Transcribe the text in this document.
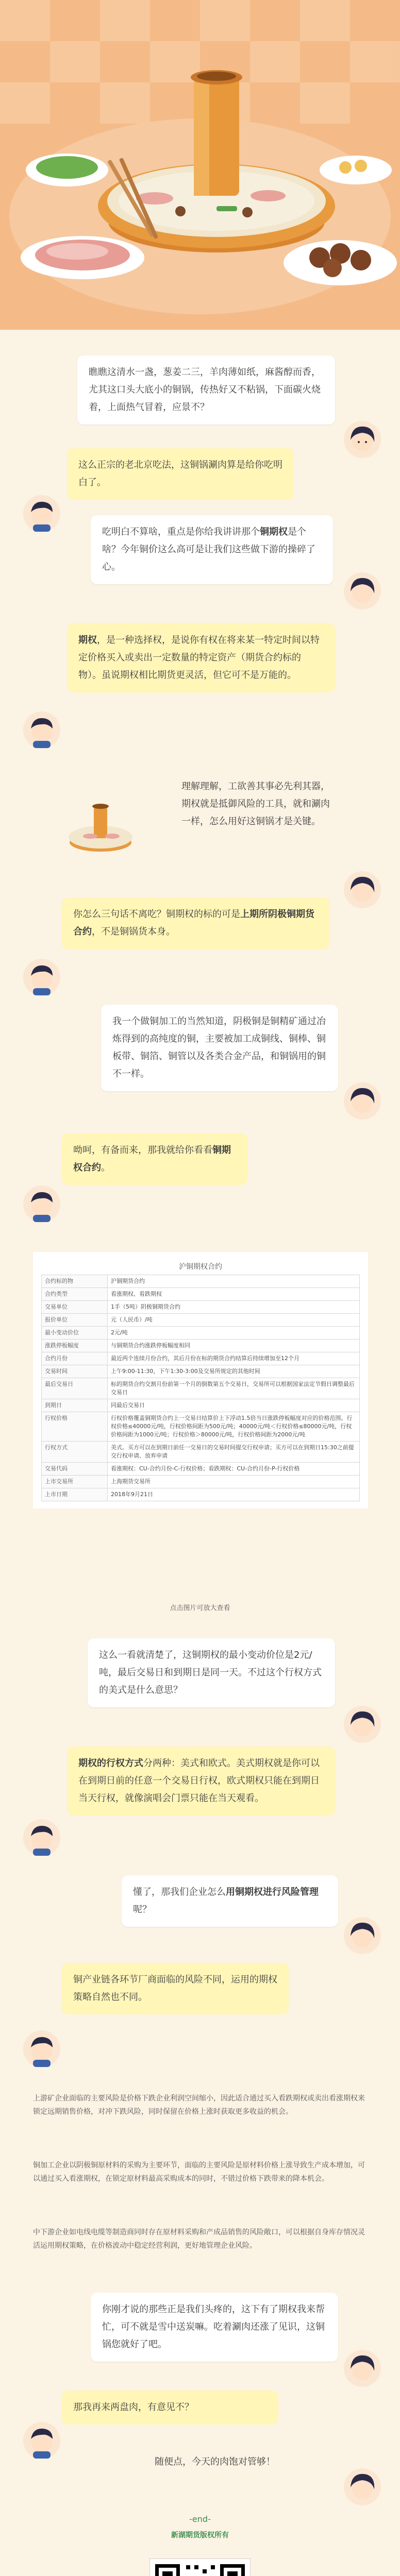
瞧瞧这清水一盏，葱姜二三，羊肉薄如纸，麻酱醇而香，尤其这口头大底小的铜锅，传热好又不粘锅，下面碳火烧着，上面热气冒着，应景不？
这么正宗的老北京吃法，这铜锅涮肉算是给你吃明白了。
吃明白不算啥，重点是你给我讲讲那个铜期权是个啥？今年铜价这么高可是让我们这些做下游的操碎了心。
期权，是一种选择权，是说你有权在将来某一特定时间以特定价格买入或卖出一定数量的特定资产（期货合约标的物）。虽说期权相比期货更灵活，但它可不是万能的。
理解理解，工欲善其事必先利其器，期权就是抵御风险的工具，就和涮肉一样，怎么用好这铜锅才是关键。
你怎么三句话不离吃？铜期权的标的可是上期所阴极铜期货合约，不是铜锅货本身。
我一个做铜加工的当然知道，阴极铜是铜精矿通过冶炼得到的高纯度的铜，主要被加工成铜线、铜棒、铜板带、铜箔、铜管以及各类合金产品，和铜锅用的铜不一样。
呦呵，有备而来，那我就给你看看铜期权合约。
沪铜期权合约
合约标的物	沪铜期货合约
合约类型	看涨期权、看跌期权
交易单位	1手（5吨）阴极铜期货合约
报价单位	元（人民币）/吨
最小变动价位	2元/吨
涨跌停板幅度	与铜期货合约涨跌停板幅度相同
合约月份	最近两个连续月份合约，其后月份在标的期货合约结算后持续增加至12个月
交易时间	上午9:00-11:30，下午1:30-3:00及交易所规定的其他时间
最后交易日	标的期货合约交割月份前第一个月的倒数第五个交易日，交易所可以根据国家法定节假日调整最后交易日
到期日	同最后交易日
行权价格	行权价格覆盖铜期货合约上一交易日结算价上下浮动1.5倍当日涨跌停板幅度对应的价格范围。行权价格≤40000元/吨，行权价格间距为500元/吨；40000元/吨＜行权价格≤80000元/吨，行权价格间距为1000元/吨；行权价格＞80000元/吨，行权价格间距为2000元/吨
行权方式	美式。买方可以在到期日前任一交易日的交易时间提交行权申请；买方可以在到期日15:30之前提交行权申请、放弃申请
交易代码	看涨期权：CU-合约月份-C-行权价格；看跌期权：CU-合约月份-P-行权价格
上市交易所	上海期货交易所
上市日期	2018年9月21日
点击图片可放大查看
这么一看就清楚了，这铜期权的最小变动价位是2元/吨，最后交易日和到期日是同一天。不过这个行权方式的美式是什么意思？
期权的行权方式分两种：美式和欧式。美式期权就是你可以在到期日前的任意一个交易日行权，欧式期权只能在到期日当天行权，就像演唱会门票只能在当天观看。
懂了，那我们企业怎么用铜期权进行风险管理呢？
铜产业链各环节厂商面临的风险不同，运用的期权策略自然也不同。
上游矿企业面临的主要风险是价格下跌企业利润空间缩小，因此适合通过买入看跌期权或卖出看涨期权来锁定远期销售价格，对冲下跌风险，同时保留在价格上涨时获取更多收益的机会。
铜加工企业以阴极铜原材料的采购为主要环节，面临的主要风险是原材料价格上涨导致生产成本增加，可以通过买入看涨期权，在锁定原材料最高采购成本的同时，不错过价格下跌带来的降本机会。
中下游企业如电线电缆等制造商同时存在原材料采购和产成品销售的风险敞口，可以根据自身库存情况灵活运用期权策略，在价格波动中稳定经营利润，更好地管理企业风险。
你刚才说的那些正是我们头疼的，这下有了期权我来帮忙，可不就是雪中送炭嘛。吃着涮肉还涨了见识，这铜锅您就好了吧。
那我再来两盘肉，有意见不？
随便点，今天的肉饱对管够！
-end-
新湖期货版权所有
